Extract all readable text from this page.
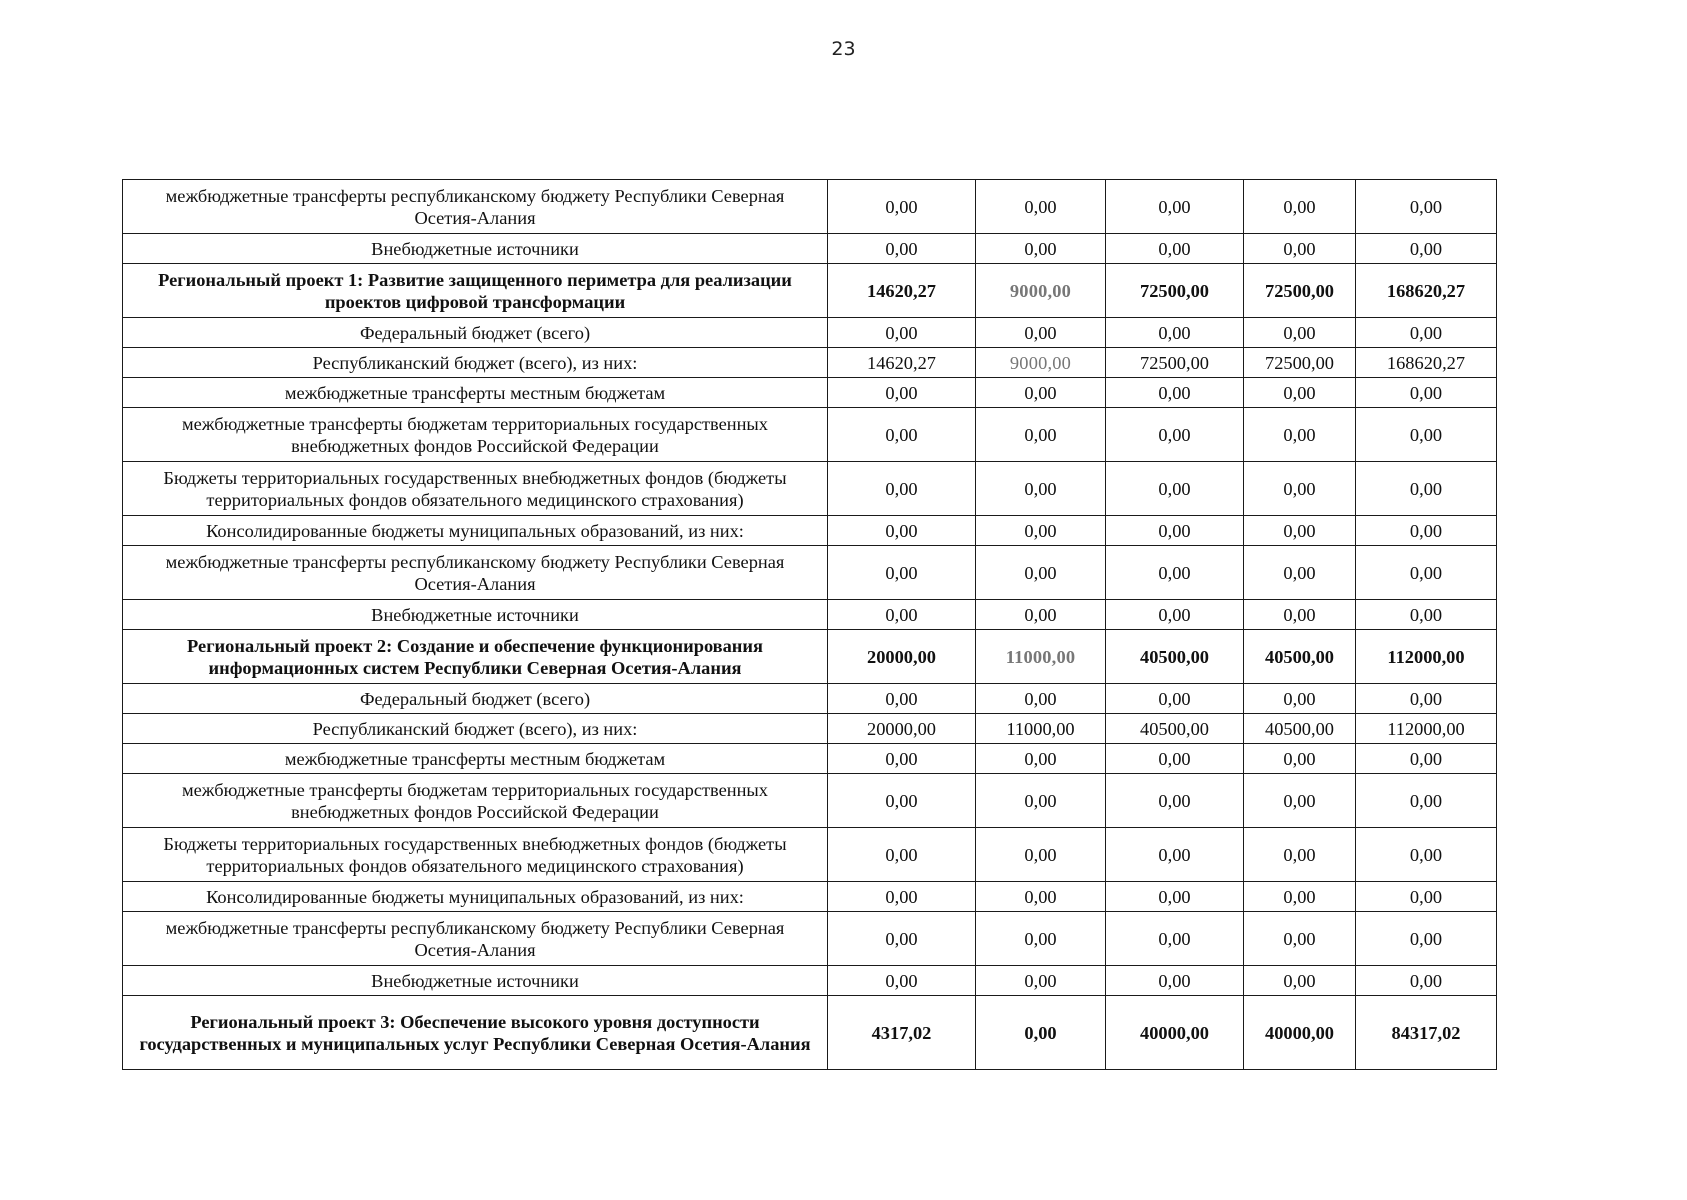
23
межбюджетные трансферты республиканскому бюджету Республики Северная Осетия-Алания	0,00	0,00	0,00	0,00	0,00
Внебюджетные источники	0,00	0,00	0,00	0,00	0,00
Региональный проект 1: Развитие защищенного периметра для реализации проектов цифровой трансформации	14620,27	9000,00	72500,00	72500,00	168620,27
Федеральный бюджет (всего)	0,00	0,00	0,00	0,00	0,00
Республиканский бюджет (всего), из них:	14620,27	9000,00	72500,00	72500,00	168620,27
межбюджетные трансферты местным бюджетам	0,00	0,00	0,00	0,00	0,00
межбюджетные трансферты бюджетам территориальных государственных внебюджетных фондов Российской Федерации	0,00	0,00	0,00	0,00	0,00
Бюджеты территориальных государственных внебюджетных фондов (бюджеты территориальных фондов обязательного медицинского страхования)	0,00	0,00	0,00	0,00	0,00
Консолидированные бюджеты муниципальных образований, из них:	0,00	0,00	0,00	0,00	0,00
межбюджетные трансферты республиканскому бюджету Республики Северная Осетия-Алания	0,00	0,00	0,00	0,00	0,00
Внебюджетные источники	0,00	0,00	0,00	0,00	0,00
Региональный проект 2: Создание и обеспечение функционирования информационных систем Республики Северная Осетия-Алания	20000,00	11000,00	40500,00	40500,00	112000,00
Федеральный бюджет (всего)	0,00	0,00	0,00	0,00	0,00
Республиканский бюджет (всего), из них:	20000,00	11000,00	40500,00	40500,00	112000,00
межбюджетные трансферты местным бюджетам	0,00	0,00	0,00	0,00	0,00
межбюджетные трансферты бюджетам территориальных государственных внебюджетных фондов Российской Федерации	0,00	0,00	0,00	0,00	0,00
Бюджеты территориальных государственных внебюджетных фондов (бюджеты территориальных фондов обязательного медицинского страхования)	0,00	0,00	0,00	0,00	0,00
Консолидированные бюджеты муниципальных образований, из них:	0,00	0,00	0,00	0,00	0,00
межбюджетные трансферты республиканскому бюджету Республики Северная Осетия-Алания	0,00	0,00	0,00	0,00	0,00
Внебюджетные источники	0,00	0,00	0,00	0,00	0,00
Региональный проект 3: Обеспечение высокого уровня доступности государственных и муниципальных услуг Республики Северная Осетия-Алания	4317,02	0,00	40000,00	40000,00	84317,02
